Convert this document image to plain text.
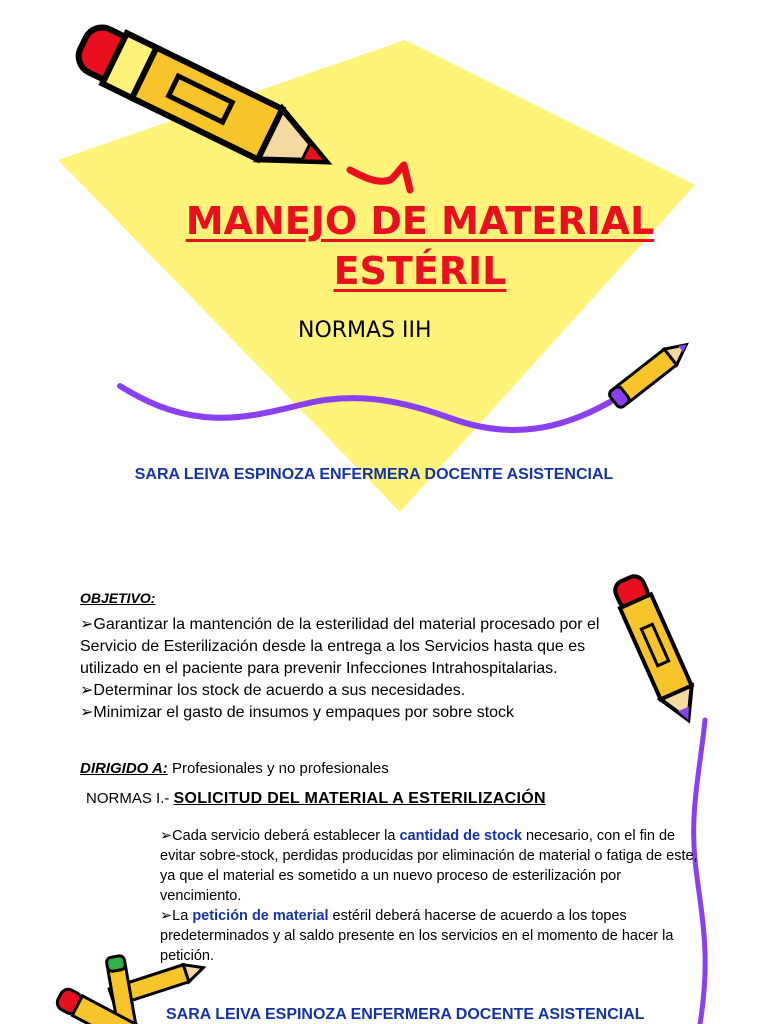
MANEJO DE MATERIAL
ESTÉRIL
NORMAS IIH
SARA LEIVA ESPINOZA ENFERMERA DOCENTE ASISTENCIAL
OBJETIVO:

➢Garantizar la mantención de la esterilidad del material procesado por el Servicio de Esterilización desde la entrega a los Servicios hasta que es utilizado en el paciente para prevenir Infecciones Intrahospitalarias.

➢Determinar los stock de acuerdo a sus necesidades.

➢Minimizar el gasto de insumos y empaques por sobre stock

DIRIGIDO A: Profesionales y no profesionales
NORMAS I.- SOLICITUD DEL MATERIAL A ESTERILIZACIÓN

➢Cada servicio deberá establecer la cantidad de stock necesario, con el fin de evitar sobre-stock, perdidas producidas por eliminación de material o fatiga de este, ya que el material es sometido a un nuevo proceso de esterilización por vencimiento.

➢La petición de material estéril deberá hacerse de acuerdo a los topes predeterminados y al saldo presente en los servicios en el momento de hacer la petición.

SARA LEIVA ESPINOZA ENFERMERA DOCENTE ASISTENCIAL
